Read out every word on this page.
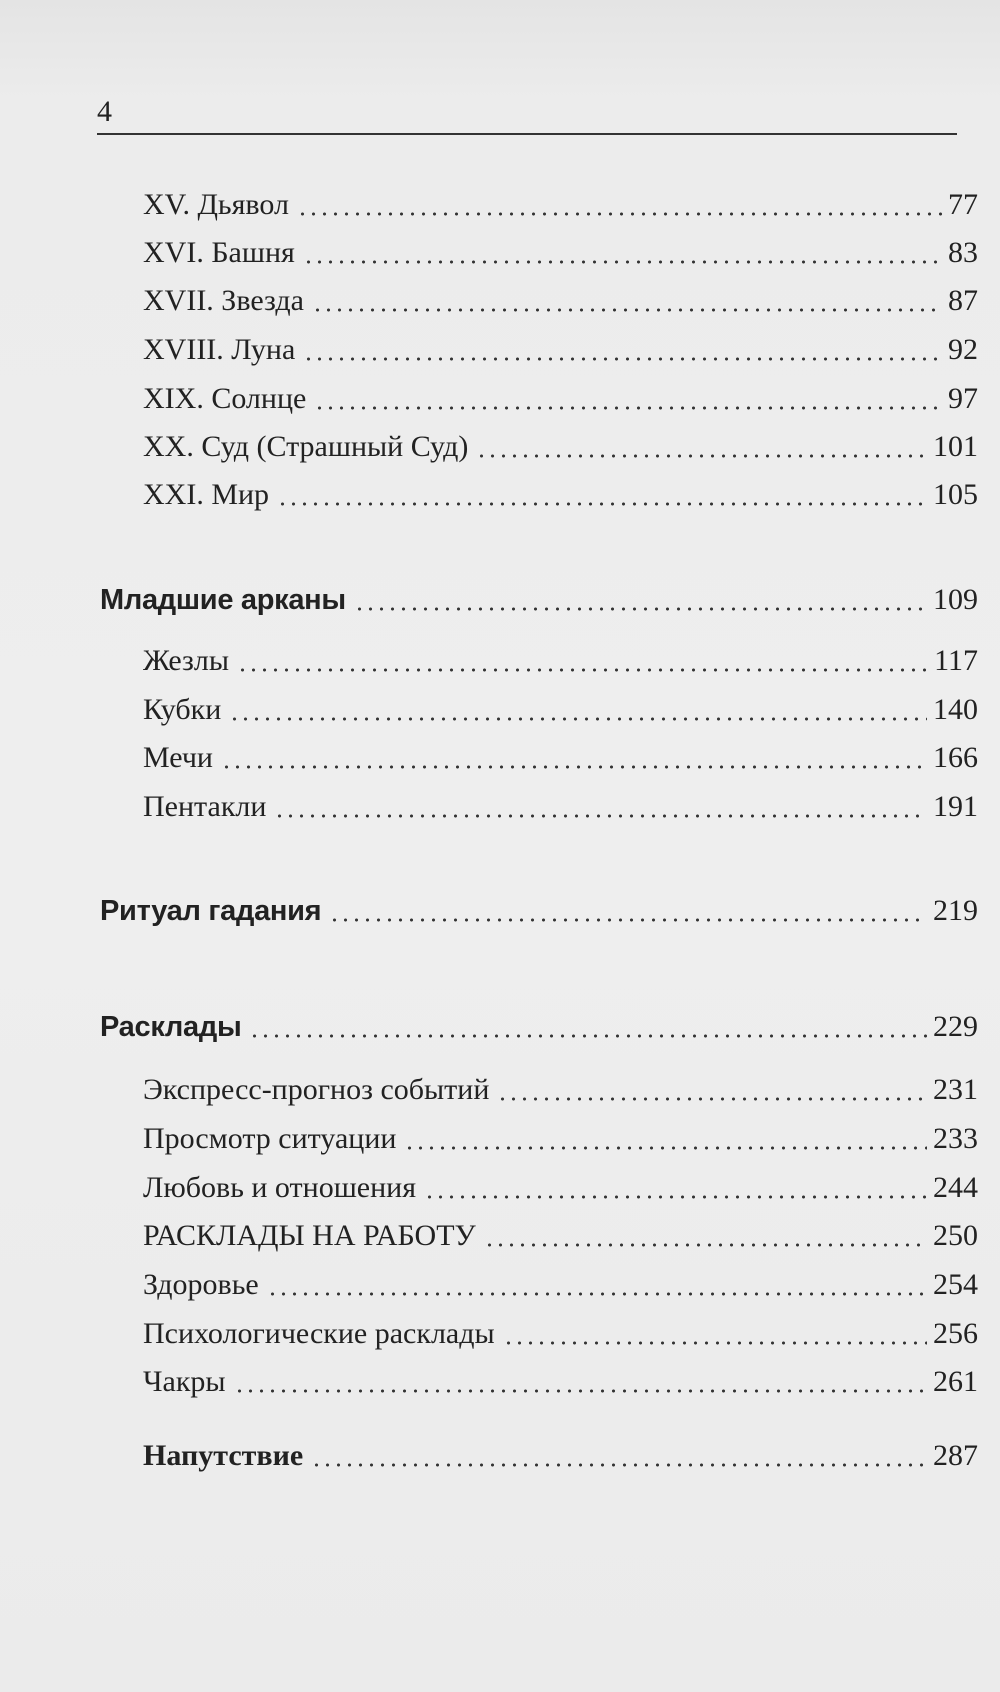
4
XV. Дьявол	77
XVI. Башня	83
XVII. Звезда	87
XVIII. Луна	92
XIX. Солнце	97
XX. Суд (Страшный Суд)	101
XXI. Мир	105
Младшие арканы	109
Жезлы	117
Кубки	140
Мечи	166
Пентакли	191
Ритуал гадания	219
Расклады	229
Экспресс-прогноз событий	231
Просмотр ситуации	233
Любовь и отношения	244
РАСКЛАДЫ НА РАБОТУ	250
Здоровье	254
Психологические расклады	256
Чакры	261
Напутствие	287
